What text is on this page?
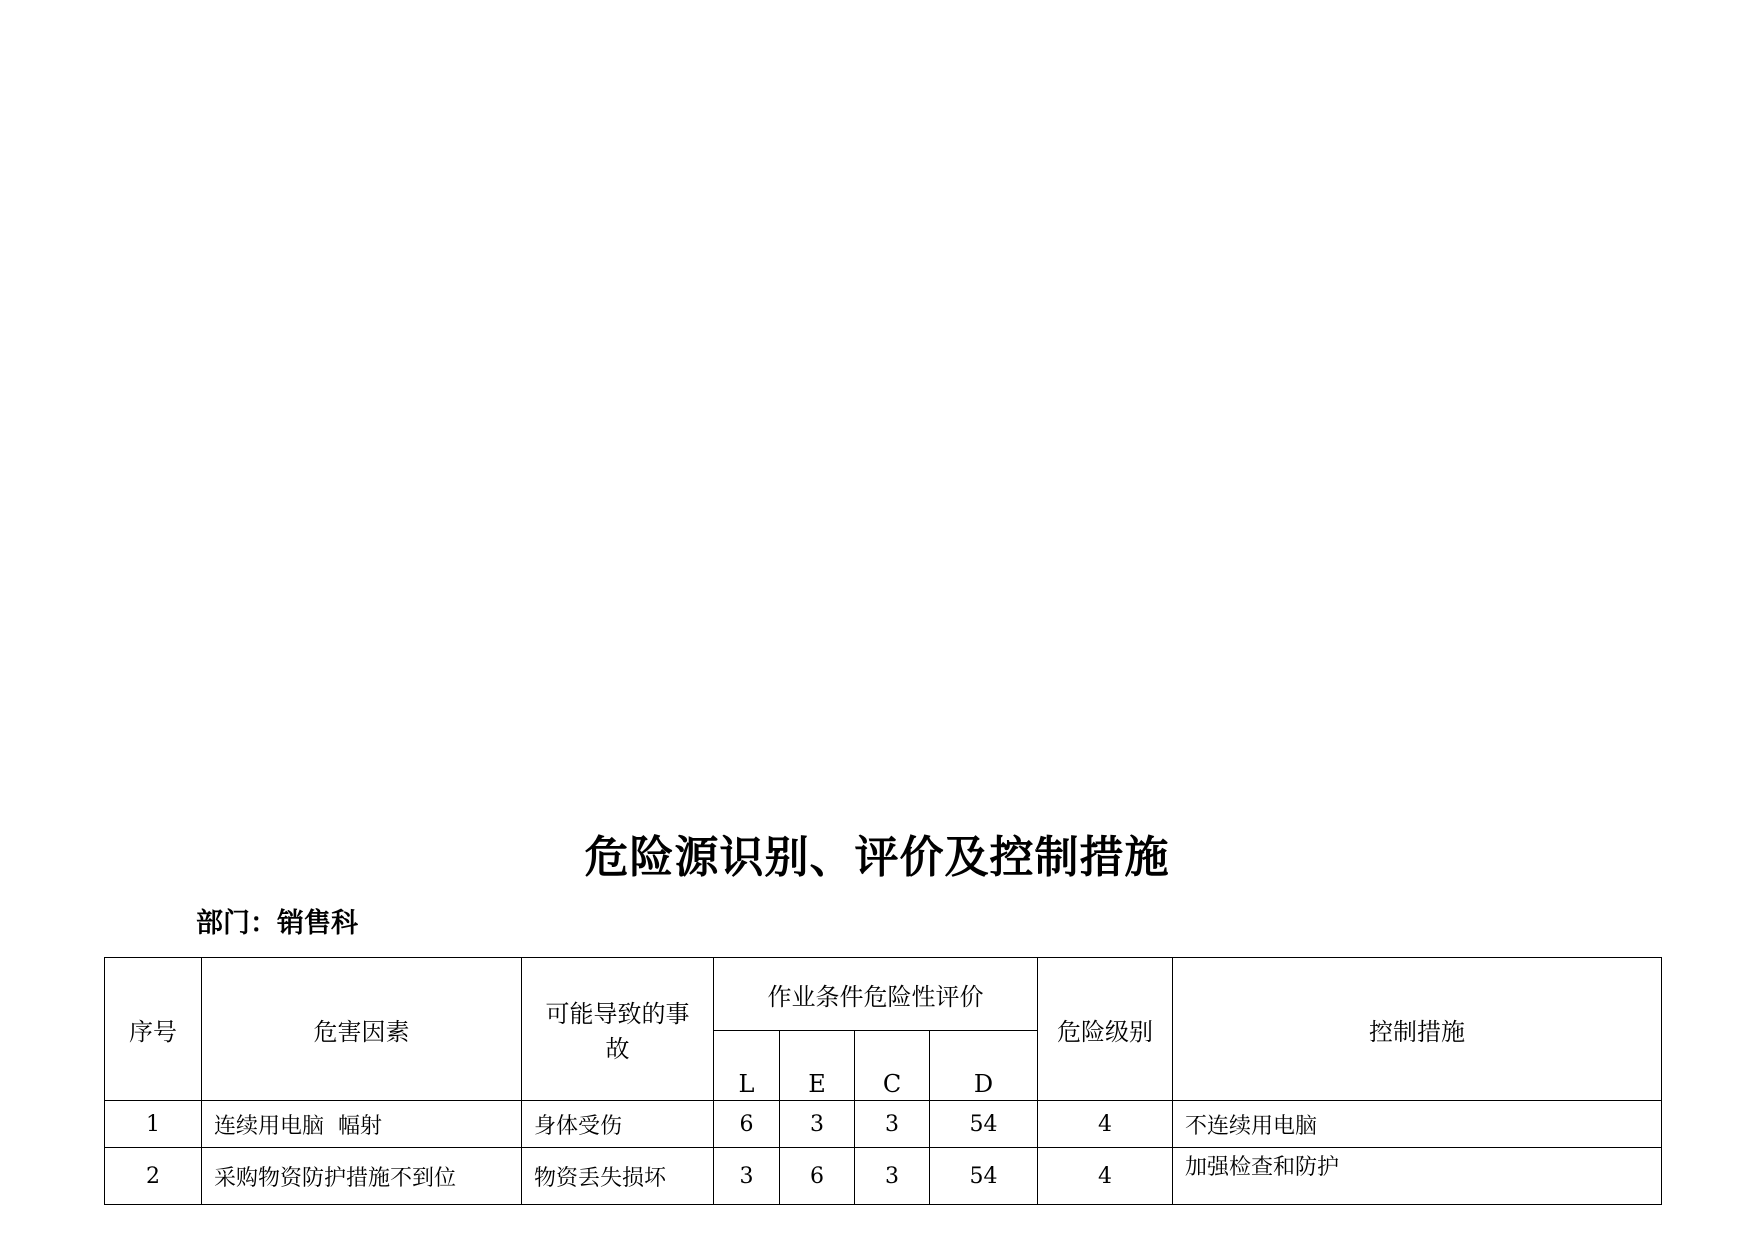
危险源识别、评价及控制措施
部门：销售科
序号	危害因素	可能导致的事故	作业条件危险性评价				危险级别	控制措施
			L	E	C	D		
1	连续用电脑  幅射	身体受伤	6	3	3	54	4	不连续用电脑
2	采购物资防护措施不到位	物资丢失损坏	3	6	3	54	4	加强检查和防护
